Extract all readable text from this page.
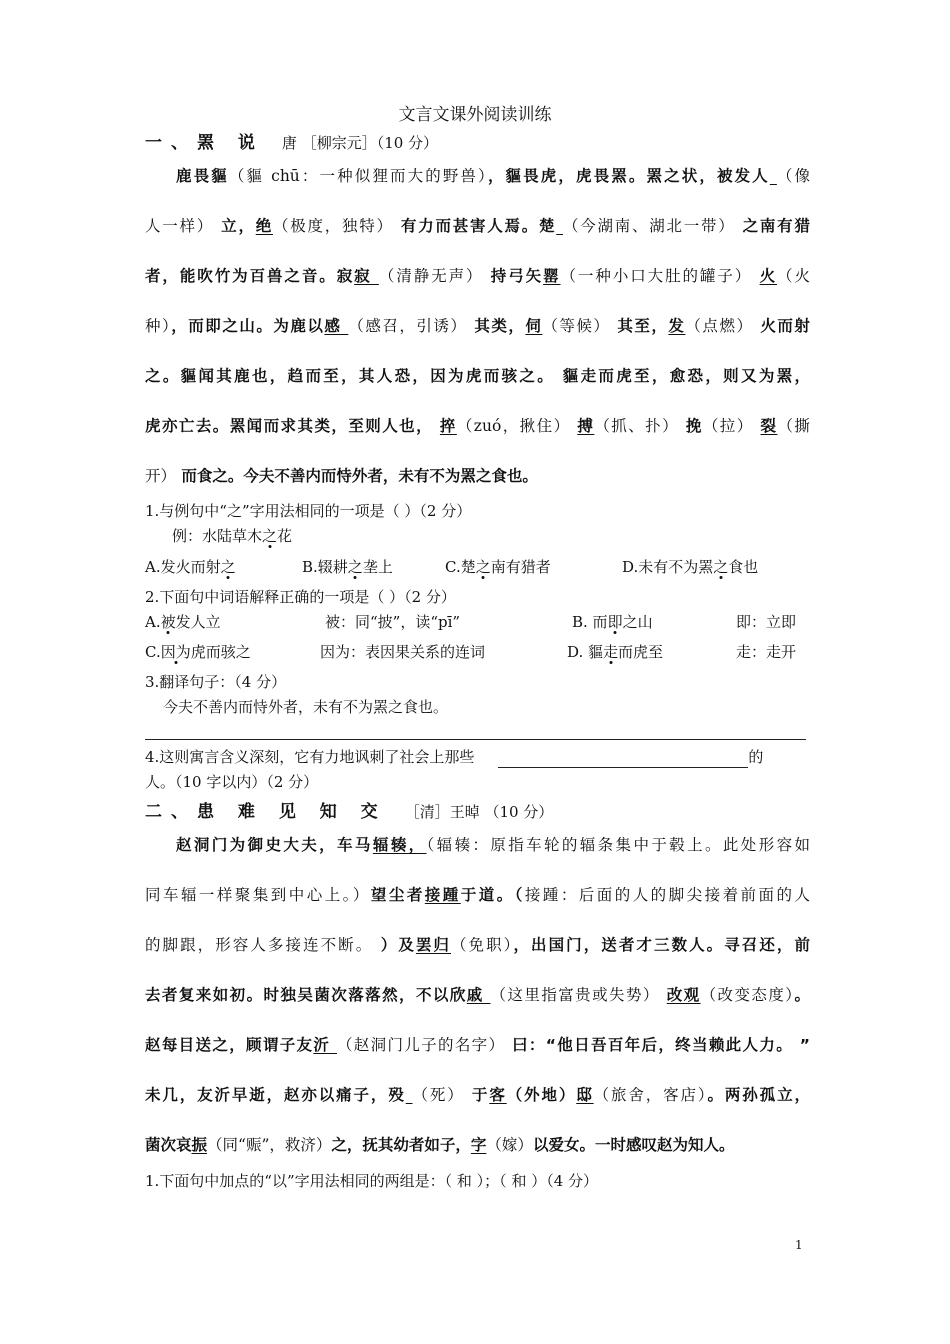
文言文课外阅读训练
一、罴 说 唐 ［柳宗元］（10 分）
鹿畏貙（貙 chū：一种似狸而大的野兽），貙畏虎，虎畏罴。罴之状，被发人 （像
人一样） 立，绝（极度，独特） 有力而甚害人焉。楚 （今湖南、湖北一带） 之南有猎
者，能吹竹为百兽之音。寂寂 （清静无声） 持弓矢罂（一种小口大肚的罐子） 火（火
种），而即之山。为鹿以感 （感召，引诱） 其类，伺（等候） 其至，发（点燃） 火而射
之。貙闻其鹿也，趋而至，其人恐，因为虎而骇之。 貙走而虎至，愈恐，则又为罴，
虎亦亡去。罴闻而求其类，至则人也， 捽（zuó，揪住） 搏（抓、扑） 挽（拉） 裂（撕
开） 而食之。今夫不善内而恃外者，未有不为罴之食也。
1.与例句中“之”字用法相同的一项是（ ）（2 分）
例：水陆草木之花
A.发火而射之	B.辍耕之垄上	C.楚之南有猎者	D.未有不为罴之食也
2.下面句中词语解释正确的一项是（ ）（2 分）
A.被发人立	被：同“披”，读“pī”	B. 而即之山	即：立即
C.因为虎而骇之	因为：表因果关系的连词	D. 貙走而虎至	走：走开
3.翻译句子：（4 分）
今夫不善内而恃外者，未有不为罴之食也。
4.这则寓言含义深刻，它有力地讽刺了社会上那些	的
人。（10 字以内）（2 分）
二、患 难 见 知 交 ［清］王晫 （10 分）
赵洞门为御史大夫，车马辐辏，（辐辏：原指车轮的辐条集中于毂上。此处形容如
同车辐一样聚集到中心上。）望尘者接踵于道。（接踵：后面的人的脚尖接着前面的人
的脚跟，形容人多接连不断。 ）及罢归（免职），出国门，送者才三数人。寻召还，前
去者复来如初。时独吴菌次落落然，不以欣戚 （这里指富贵或失势） 改观（改变态度）。
赵每目送之，顾谓子友沂 （赵洞门儿子的名字） 曰：“他日吾百年后，终当赖此人力。 ”
未几，友沂早逝，赵亦以痛子，殁 （死） 于客（外地）邸（旅舍，客店）。两孙孤立，
菌次哀振（同“赈”，救济）之，抚其幼者如子，字（嫁）以爱女。一时感叹赵为知人。
1.下面句中加点的“以”字用法相同的两组是：（ 和 ）；（ 和 ）（4 分）
1
